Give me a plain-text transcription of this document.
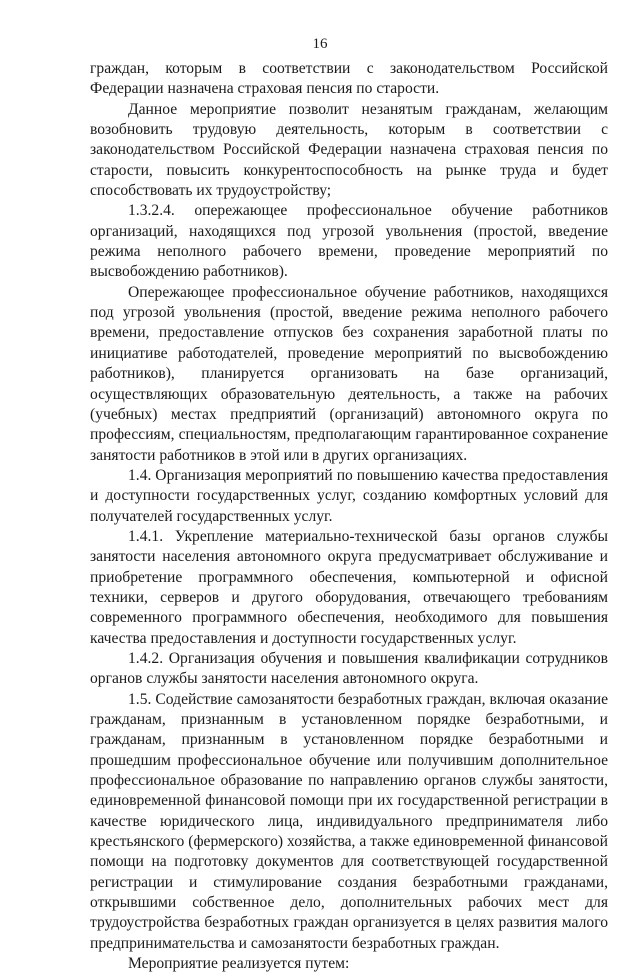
16

граждан, которым в соответствии с законодательством Российской Федерации назначена страховая пенсия по старости.

Данное мероприятие позволит незанятым гражданам, желающим возобновить трудовую деятельность, которым в соответствии с законодательством Российской Федерации назначена страховая пенсия по старости, повысить конкурентоспособность на рынке труда и будет способствовать их трудоустройству;

1.3.2.4. опережающее профессиональное обучение работников организаций, находящихся под угрозой увольнения (простой, введение режима неполного рабочего времени, проведение мероприятий по высвобождению работников).

Опережающее профессиональное обучение работников, находящихся под угрозой увольнения (простой, введение режима неполного рабочего времени, предоставление отпусков без сохранения заработной платы по инициативе работодателей, проведение мероприятий по высвобождению работников), планируется организовать на базе организаций, осуществляющих образовательную деятельность, а также на рабочих (учебных) местах предприятий (организаций) автономного округа по профессиям, специальностям, предполагающим гарантированное сохранение занятости работников в этой или в других организациях.

1.4. Организация мероприятий по повышению качества предоставления и доступности государственных услуг, созданию комфортных условий для получателей государственных услуг.

1.4.1. Укрепление материально-технической базы органов службы занятости населения автономного округа предусматривает обслуживание и приобретение программного обеспечения, компьютерной и офисной техники, серверов и другого оборудования, отвечающего требованиям современного программного обеспечения, необходимого для повышения качества предоставления и доступности государственных услуг.

1.4.2. Организация обучения и повышения квалификации сотрудников органов службы занятости населения автономного округа.

1.5. Содействие самозанятости безработных граждан, включая оказание гражданам, признанным в установленном порядке безработными, и гражданам, признанным в установленном порядке безработными и прошедшим профессиональное обучение или получившим дополнительное профессиональное образование по направлению органов службы занятости, единовременной финансовой помощи при их государственной регистрации в качестве юридического лица, индивидуального предпринимателя либо крестьянского (фермерского) хозяйства, а также единовременной финансовой помощи на подготовку документов для соответствующей государственной регистрации и стимулирование создания безработными гражданами, открывшими собственное дело, дополнительных рабочих мест для трудоустройства безработных граждан организуется в целях развития малого предпринимательства и самозанятости безработных граждан.

Мероприятие реализуется путем:
